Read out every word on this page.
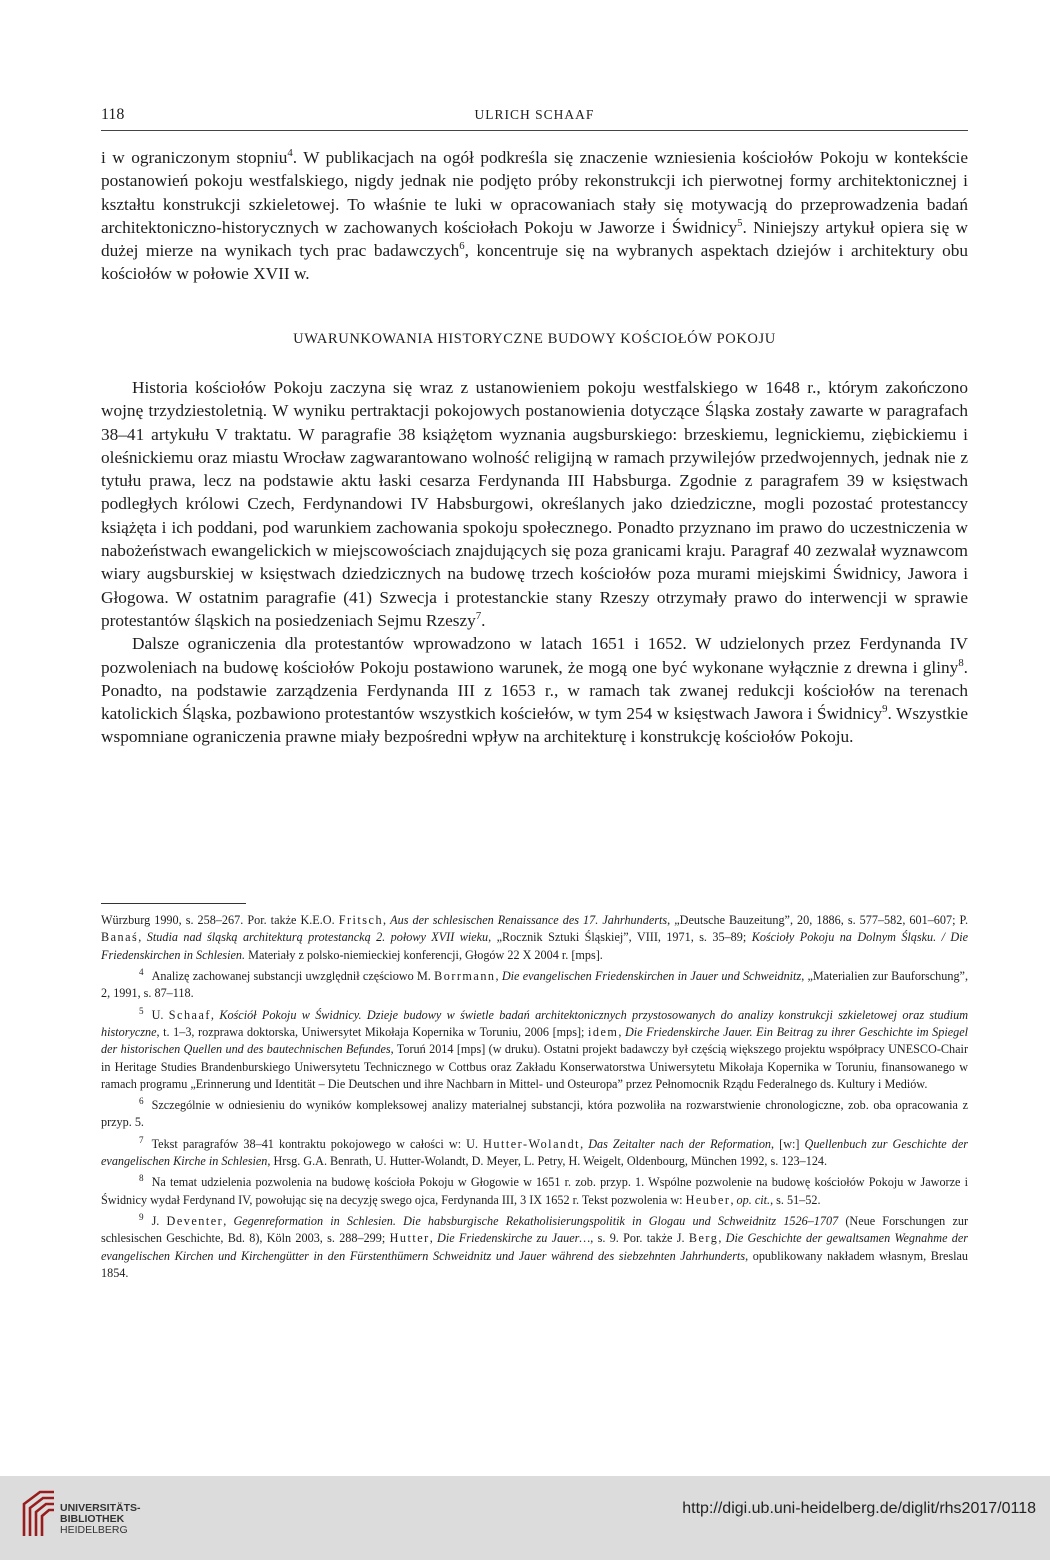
118	ULRICH SCHAAF

i w ograniczonym stopniu$^4$. W publikacjach na ogół podkreśla się znaczenie wzniesienia kościołów Pokoju w kontekście postanowień pokoju westfalskiego, nigdy jednak nie podjęto próby rekonstrukcji ich pierwotnej formy architektonicznej i kształtu konstrukcji szkieletowej. To właśnie te luki w opracowaniach stały się motywacją do przeprowadzenia badań architektoniczno-historycznych w zachowanych kościołach Pokoju w Jaworze i Świdnicy$^5$. Niniejszy artykuł opiera się w dużej mierze na wynikach tych prac badawczych$^6$, koncentruje się na wybranych aspektach dziejów i architektury obu kościołów w połowie XVII w.

UWARUNKOWANIA HISTORYCZNE BUDOWY KOŚCIOŁÓW POKOJU

Historia kościołów Pokoju zaczyna się wraz z ustanowieniem pokoju westfalskiego w 1648 r., którym zakończono wojnę trzydziestoletnią. W wyniku pertraktacji pokojowych postanowienia dotyczące Śląska zostały zawarte w paragrafach 38–41 artykułu V traktatu. W paragrafie 38 książętom wyznania augsburskiego: brzeskiemu, legnickiemu, ziębickiemu i oleśnickiemu oraz miastu Wrocław zagwarantowano wolność religijną w ramach przywilejów przedwojennych, jednak nie z tytułu prawa, lecz na podstawie aktu łaski cesarza Ferdynanda III Habsburga. Zgodnie z paragrafem 39 w księstwach podległych królowi Czech, Ferdynandowi IV Habsburgowi, określanych jako dziedziczne, mogli pozostać protestanccy książęta i ich poddani, pod warunkiem zachowania spokoju społecznego. Ponadto przyznano im prawo do uczestniczenia w nabożeństwach ewangelickich w miejscowościach znajdujących się poza granicami kraju. Paragraf 40 zezwalał wyznawcom wiary augsburskiej w księstwach dziedzicznych na budowę trzech kościołów poza murami miejskimi Świdnicy, Jawora i Głogowa. W ostatnim paragrafie (41) Szwecja i protestanckie stany Rzeszy otrzymały prawo do interwencji w sprawie protestantów śląskich na posiedzeniach Sejmu Rzeszy$^7$.

Dalsze ograniczenia dla protestantów wprowadzono w latach 1651 i 1652. W udzielonych przez Ferdynanda IV pozwoleniach na budowę kościołów Pokoju postawiono warunek, że mogą one być wykonane wyłącznie z drewna i gliny$^8$. Ponadto, na podstawie zarządzenia Ferdynanda III z 1653 r., w ramach tak zwanej redukcji kościołów na terenach katolickich Śląska, pozbawiono protestantów wszystkich kościełów, w tym 254 w księstwach Jawora i Świdnicy$^9$. Wszystkie wspomniane ograniczenia prawne miały bezpośredni wpływ na architekturę i konstrukcję kościołów Pokoju.

Würzburg 1990, s. 258–267. Por. także K.E.O. Fritsch, Aus der schlesischen Renaissance des 17. Jahrhunderts, „Deutsche Bauzeitung”, 20, 1886, s. 577–582, 601–607; P. Banaś, Studia nad śląską architekturą protestancką 2. połowy XVII wieku, „Rocznik Sztuki Śląskiej”, VIII, 1971, s. 35–89; Kościoły Pokoju na Dolnym Śląsku. / Die Friedenskirchen in Schlesien. Materiały z polsko-niemieckiej konferencji, Głogów 22 X 2004 r. [mps].

$^4$ Analizę zachowanej substancji uwzględnił częściowo M. Borrmann, Die evangelischen Friedenskirchen in Jauer und Schweidnitz, „Materialien zur Bauforschung”, 2, 1991, s. 87–118.

$^5$ U. Schaaf, Kościół Pokoju w Świdnicy. Dzieje budowy w świetle badań architektonicznych przystosowanych do analizy konstrukcji szkieletowej oraz studium historyczne, t. 1–3, rozprawa doktorska, Uniwersytet Mikołaja Kopernika w Toruniu, 2006 [mps]; idem, Die Friedenskirche Jauer. Ein Beitrag zu ihrer Geschichte im Spiegel der historischen Quellen und des bautechnischen Befundes, Toruń 2014 [mps] (w druku). Ostatni projekt badawczy był częścią większego projektu współpracy UNESCO-Chair in Heritage Studies Brandenburskiego Uniwersytetu Technicznego w Cottbus oraz Zakładu Konserwatorstwa Uniwersytetu Mikołaja Kopernika w Toruniu, finansowanego w ramach programu „Erinnerung und Identität – Die Deutschen und ihre Nachbarn in Mittel- und Osteuropa” przez Pełnomocnik Rządu Federalnego ds. Kultury i Mediów.

$^6$ Szczególnie w odniesieniu do wyników kompleksowej analizy materialnej substancji, która pozwoliła na rozwarstwienie chronologiczne, zob. oba opracowania z przyp. 5.

$^7$ Tekst paragrafów 38–41 kontraktu pokojowego w całości w: U. Hutter-Wolandt, Das Zeitalter nach der Reformation, [w:] Quellenbuch zur Geschichte der evangelischen Kirche in Schlesien, Hrsg. G.A. Benrath, U. Hutter-Wolandt, D. Meyer, L. Petry, H. Weigelt, Oldenbourg, München 1992, s. 123–124.

$^8$ Na temat udzielenia pozwolenia na budowę kościoła Pokoju w Głogowie w 1651 r. zob. przyp. 1. Wspólne pozwolenie na budowę kościołów Pokoju w Jaworze i Świdnicy wydał Ferdynand IV, powołując się na decyzję swego ojca, Ferdynanda III, 3 IX 1652 r. Tekst pozwolenia w: Heuber, op. cit., s. 51–52.

$^9$ J. Deventer, Gegenreformation in Schlesien. Die habsburgische Rekatholisierungspolitik in Glogau und Schweidnitz 1526–1707 (Neue Forschungen zur schlesischen Geschichte, Bd. 8), Köln 2003, s. 288–299; Hutter, Die Friedenskirche zu Jauer…, s. 9. Por. także J. Berg, Die Geschichte der gewaltsamen Wegnahme der evangelischen Kirchen und Kirchengütter in den Fürstenthümern Schweidnitz und Jauer während des siebzehnten Jahrhunderts, opublikowany nakładem własnym, Breslau 1854.

UNIVERSITÄTS-
BIBLIOTHEK
HEIDELBERG
http://digi.ub.uni-heidelberg.de/diglit/rhs2017/0118
